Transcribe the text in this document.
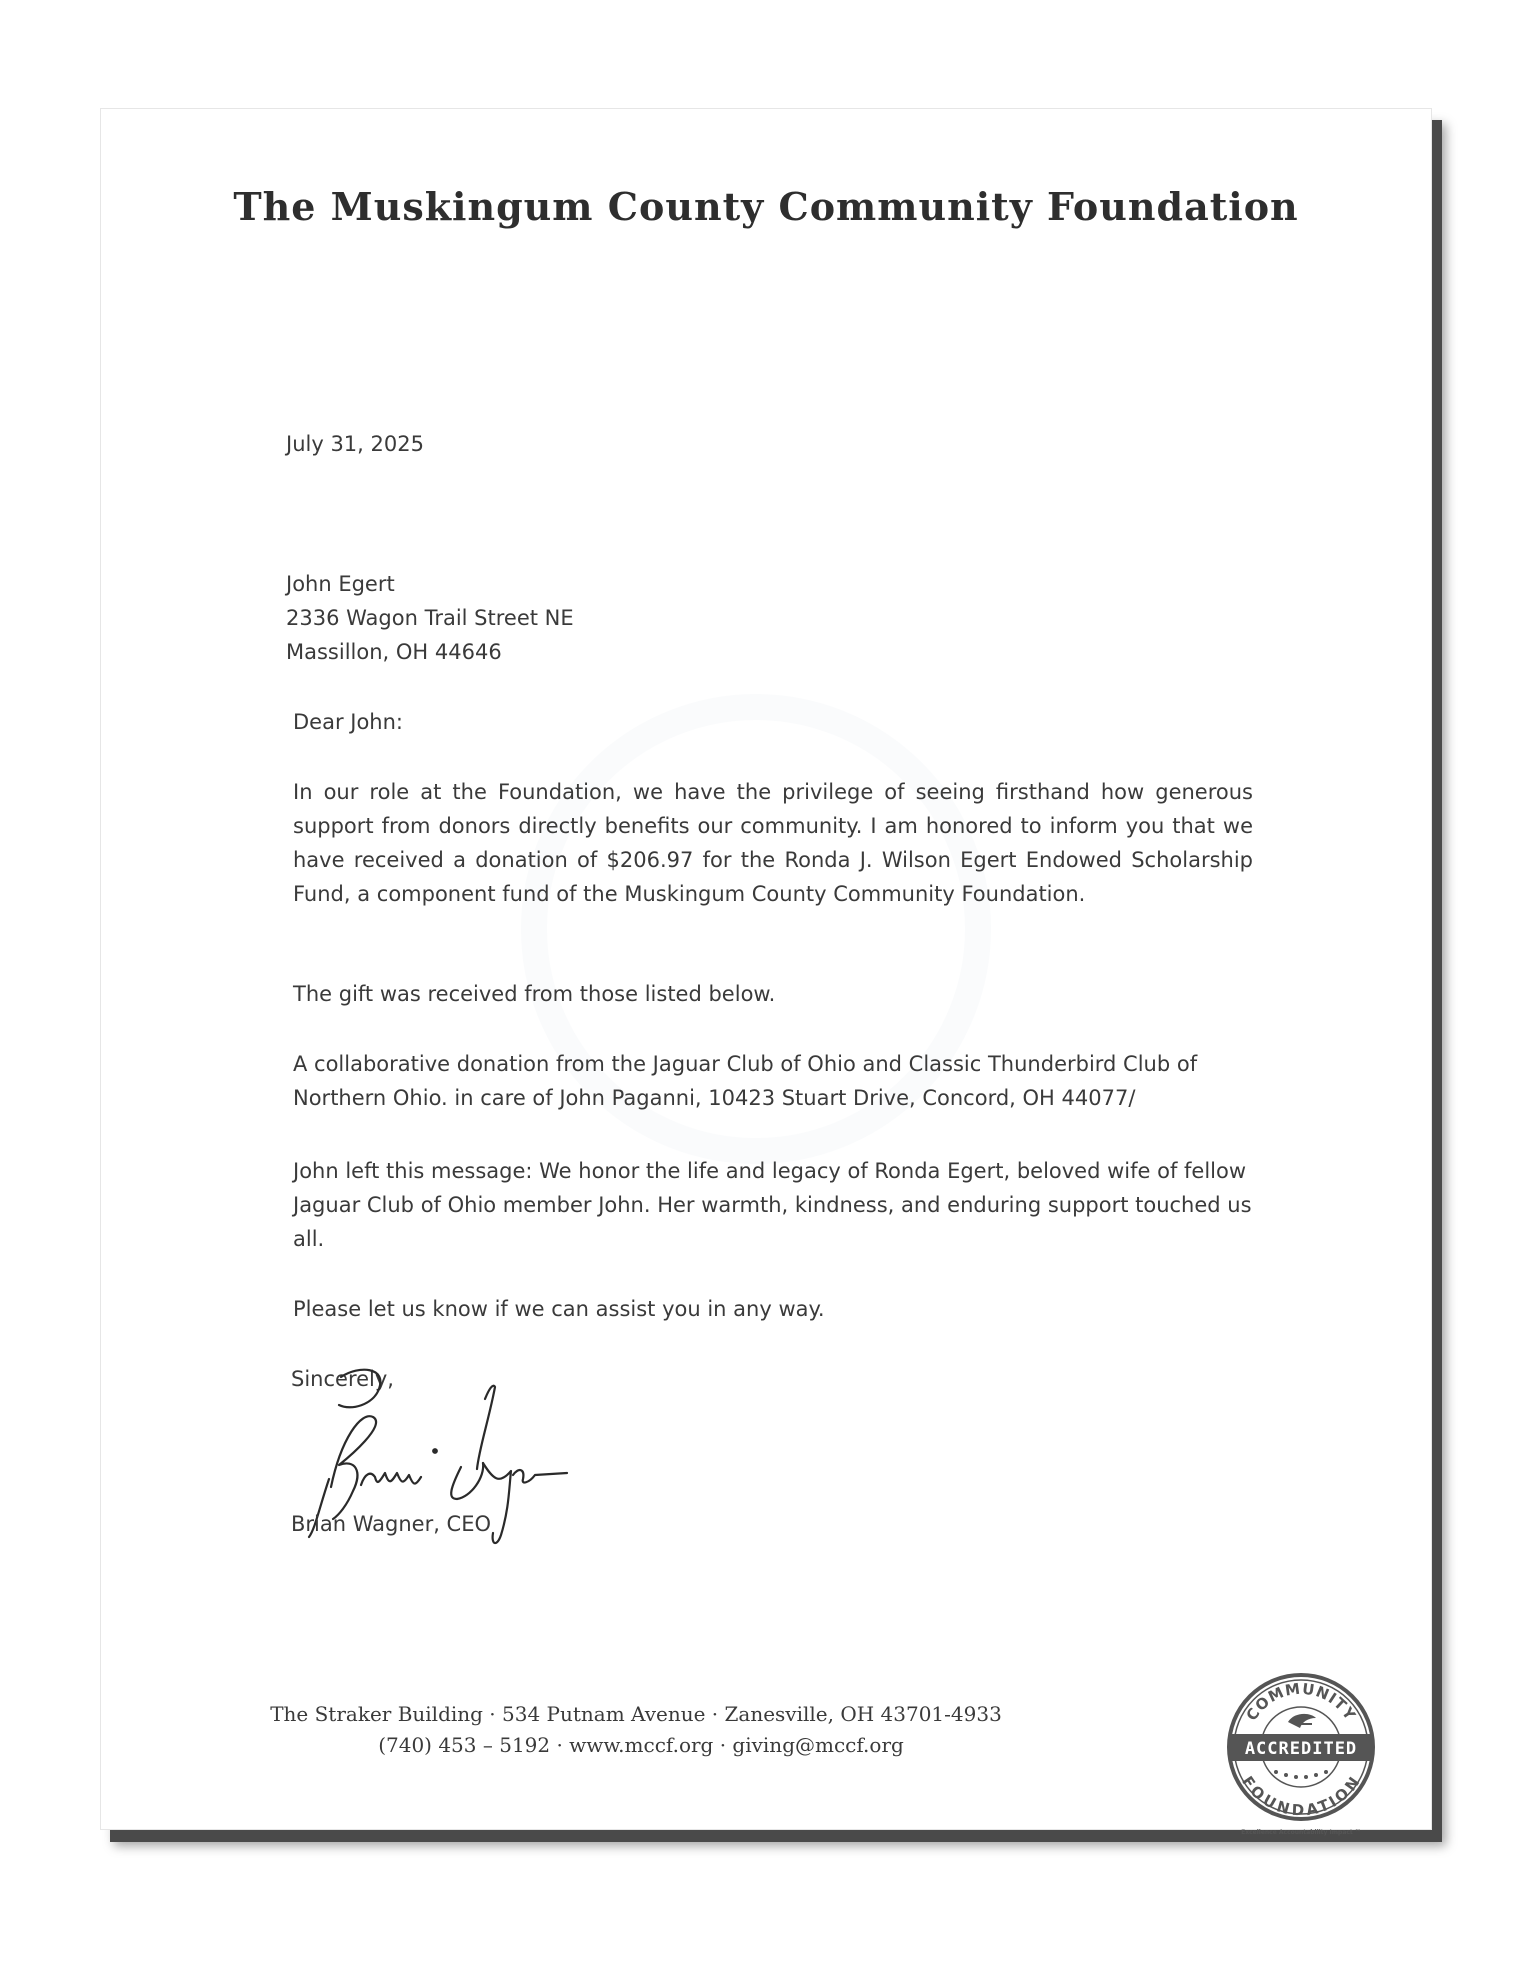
The Muskingum County Community Foundation

July 31, 2025

John Egert
2336 Wagon Trail Street NE
Massillon, OH 44646

Dear John:

In our role at the Foundation, we have the privilege of seeing firsthand how generous support from donors directly benefits our community. I am honored to inform you that we have received a donation of $206.97 for the Ronda J. Wilson Egert Endowed Scholarship Fund, a component fund of the Muskingum County Community Foundation.

The gift was received from those listed below.

A collaborative donation from the Jaguar Club of Ohio and Classic Thunderbird Club of Northern Ohio. in care of John Paganni, 10423 Stuart Drive, Concord, OH 44077/

John left this message: We honor the life and legacy of Ronda Egert, beloved wife of fellow Jaguar Club of Ohio member John. Her warmth, kindness, and enduring support touched us all.

Please let us know if we can assist you in any way.

Sincerely,

Brian Wagner, CEO

The Straker Building · 534 Putnam Avenue · Zanesville, OH 43701-4933
(740) 453 – 5192 · www.mccf.org · giving@mccf.org
COMMUNITY
FOUNDATION
ACCREDITED
Excellence Accountability Impact ™
